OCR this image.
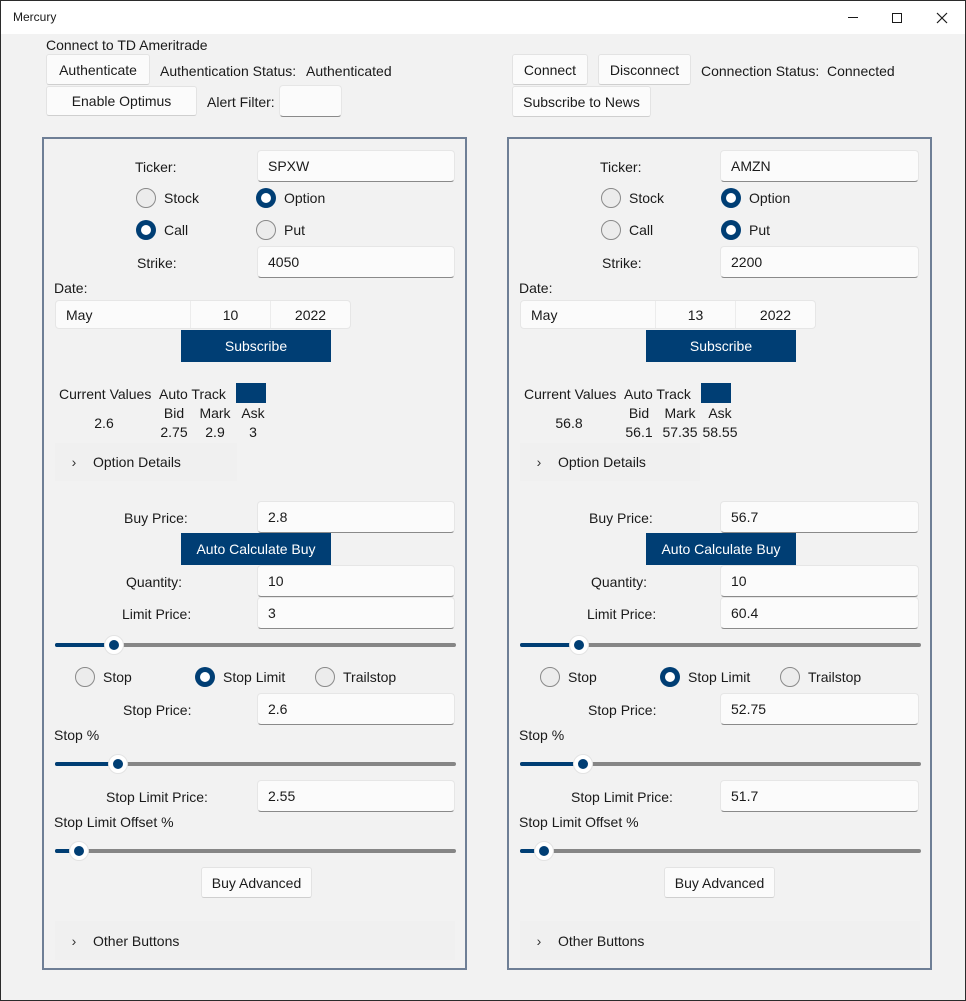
Mercury
Connect to TD Ameritrade
Authenticate	Authentication Status: Authenticated
Enable Optimus	Alert Filter:
Connect	Disconnect	Connection Status: Connected
Subscribe to News
Ticker:	SPXW
Stock	Option
Call	Put
Strike:	4050
Date:
May	10	2022
Subscribe
Current Values Auto Track
2.6
Bid	Mark Ask
2.75	2.9	3
›	Option Details
Buy Price:	2.8
Auto Calculate Buy
Quantity:	10
Limit Price:	3
Stop	Stop Limit	Trailstop
Stop Price:	2.6
Stop %
Stop Limit Price:	2.55
Stop Limit Offset %
Buy Advanced
›	Other Buttons
Ticker:	AMZN
Stock	Option
Call	Put
Strike:	2200
Date:
May	13	2022
Subscribe
Current Values Auto Track
56.8
Bid	Mark Ask
56.1 57.35 58.55
›	Option Details
Buy Price:	56.7
Auto Calculate Buy
Quantity:	10
Limit Price:	60.4
Stop	Stop Limit	Trailstop
Stop Price:	52.75
Stop %
Stop Limit Price:	51.7
Stop Limit Offset %
Buy Advanced
›	Other Buttons
